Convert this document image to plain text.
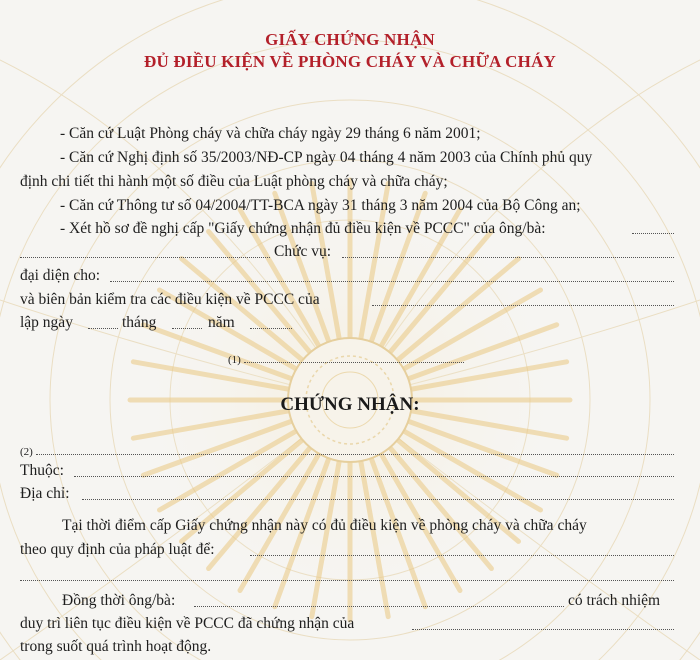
GIẤY CHỨNG NHẬN
ĐỦ ĐIỀU KIỆN VỀ PHÒNG CHÁY VÀ CHỮA CHÁY
- Căn cứ Luật Phòng cháy và chữa cháy ngày 29 tháng 6 năm 2001;
- Căn cứ Nghị định số 35/2003/NĐ-CP ngày 04 tháng 4 năm 2003 của Chính phủ quy
định chi tiết thi hành một số điều của Luật phòng cháy và chữa cháy;
- Căn cứ Thông tư số 04/2004/TT-BCA ngày 31 tháng 3 năm 2004 của Bộ Công an;
- Xét hồ sơ đề nghị cấp "Giấy chứng nhận đủ điều kiện về PCCC" của ông/bà:
Chức vụ:
đại diện cho:
và biên bản kiểm tra các điều kiện về PCCC của
lập ngày	tháng	năm
(1)
CHỨNG NHẬN:
(2)
Thuộc:
Địa chỉ:
Tại thời điểm cấp Giấy chứng nhận này có đủ điều kiện về phòng cháy và chữa cháy
theo quy định của pháp luật để:
Đồng thời ông/bà:	có trách nhiệm
duy trì liên tục điều kiện về PCCC đã chứng nhận của
trong suốt quá trình hoạt động.
